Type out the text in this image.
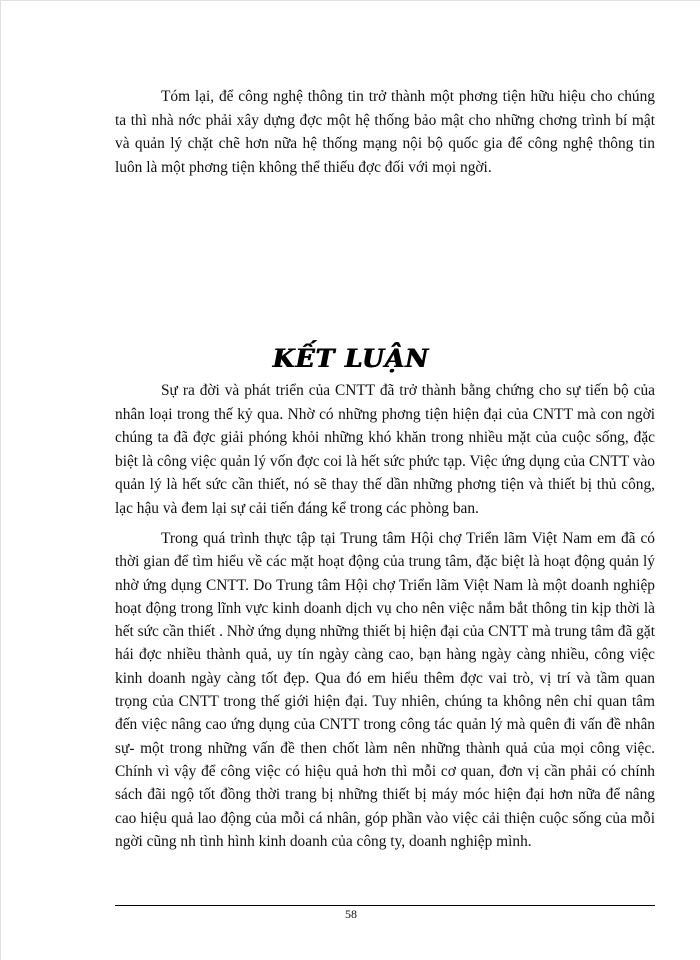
Tóm lại, để công nghệ thông tin trở thành một phơng tiện hữu hiệu cho chúng ta thì nhà nớc phải xây dựng đợc một hệ thống bảo mật cho những chơng trình bí mật và quản lý chặt chẽ hơn nữa hệ thống mạng nội bộ quốc gia để công nghệ thông tin luôn là một phơng tiện không thể thiếu đợc đối với mọi ngời.

KẾT LUẬN

Sự ra đời và phát triển của CNTT đã trở thành bằng chứng cho sự tiến bộ của nhân loại trong thế kỷ qua. Nhờ có những phơng tiện hiện đại của CNTT mà con ngời chúng ta đã đợc giải phóng khỏi những khó khăn trong nhiều mặt của cuộc sống, đặc biệt là công việc quản lý vốn đợc coi là hết sức phức tạp. Việc ứng dụng của CNTT vào quản lý là hết sức cần thiết, nó sẽ thay thế dần những phơng tiện và thiết bị thủ công, lạc hậu và đem lại sự cải tiến đáng kể trong các phòng ban.

Trong quá trình thực tập tại Trung tâm Hội chợ Triển lãm Việt Nam em đã có thời gian để tìm hiểu về các mặt hoạt động của trung tâm, đặc biệt là hoạt động quản lý nhờ ứng dụng CNTT. Do Trung tâm Hội chợ Triển lãm Việt Nam là một doanh nghiệp hoạt động trong lĩnh vực kinh doanh dịch vụ cho nên việc nắm bắt thông tin kịp thời là hết sức cần thiết . Nhờ ứng dụng những thiết bị hiện đại của CNTT mà trung tâm đã gặt hái đợc nhiều thành quả, uy tín ngày càng cao, bạn hàng ngày càng nhiều, công việc kinh doanh ngày càng tốt đẹp. Qua đó em hiểu thêm đợc vai trò, vị trí và tầm quan trọng của CNTT trong thế giới hiện đại. Tuy nhiên, chúng ta không nên chỉ quan tâm đến việc nâng cao ứng dụng của CNTT trong công tác quản lý mà quên đi vấn đề nhân sự- một trong những vấn đề then chốt làm nên những thành quả của mọi công việc. Chính vì vậy để công việc có hiệu quả hơn thì mỗi cơ quan, đơn vị cần phải có chính sách đãi ngộ tốt đồng thời trang bị những thiết bị máy móc hiện đại hơn nữa để nâng cao hiệu quả lao động của mỗi cá nhân, góp phần vào việc cải thiện cuộc sống của mỗi ngời cũng nh tình hình kinh doanh của công ty, doanh nghiệp mình.

58
